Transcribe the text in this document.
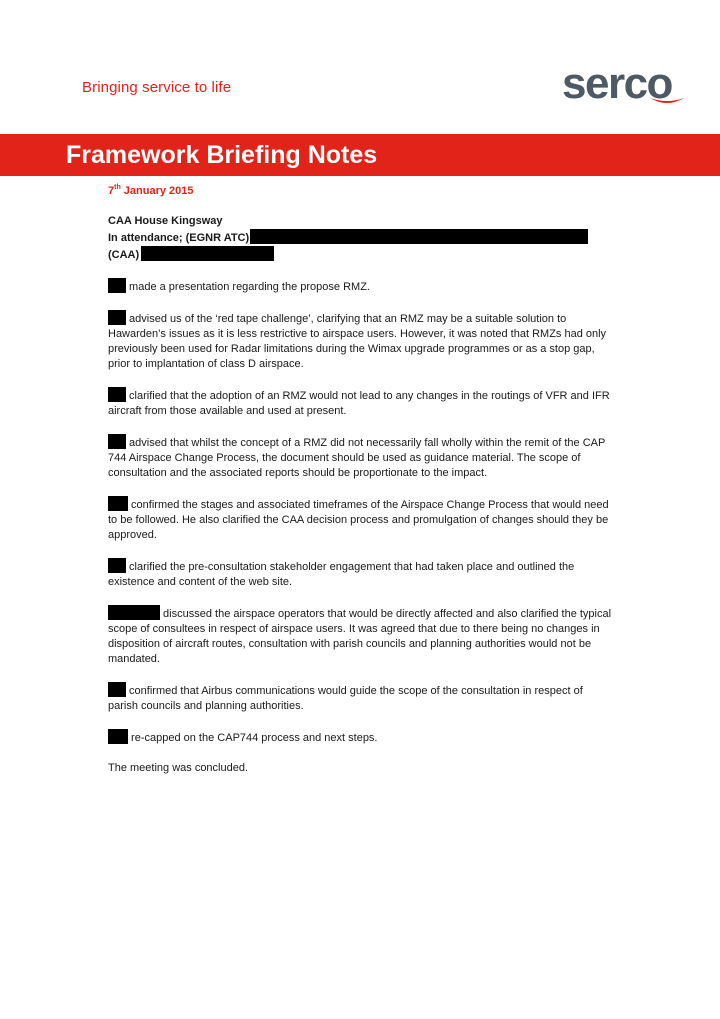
Bringing service to life	serco
Framework Briefing Notes
7th January 2015
CAA House Kingsway
In attendance; (EGNR ATC)
(CAA)

made a presentation regarding the propose RMZ.

advised us of the ‘red tape challenge’, clarifying that an RMZ may be a suitable solution to Hawarden’s issues as it is less restrictive to airspace users. However, it was noted that RMZs had only previously been used for Radar limitations during the Wimax upgrade programmes or as a stop gap, prior to implantation of class D airspace.

clarified that the adoption of an RMZ would not lead to any changes in the routings of VFR and IFR aircraft from those available and used at present.

advised that whilst the concept of a RMZ did not necessarily fall wholly within the remit of the CAP 744 Airspace Change Process, the document should be used as guidance material. The scope of consultation and the associated reports should be proportionate to the impact.

confirmed the stages and associated timeframes of the Airspace Change Process that would need to be followed. He also clarified the CAA decision process and promulgation of changes should they be approved.

clarified the pre-consultation stakeholder engagement that had taken place and outlined the existence and content of the web site.

discussed the airspace operators that would be directly affected and also clarified the typical scope of consultees in respect of airspace users. It was agreed that due to there being no changes in disposition of aircraft routes, consultation with parish councils and planning authorities would not be mandated.

confirmed that Airbus communications would guide the scope of the consultation in respect of parish councils and planning authorities.

re-capped on the CAP744 process and next steps.

The meeting was concluded.
